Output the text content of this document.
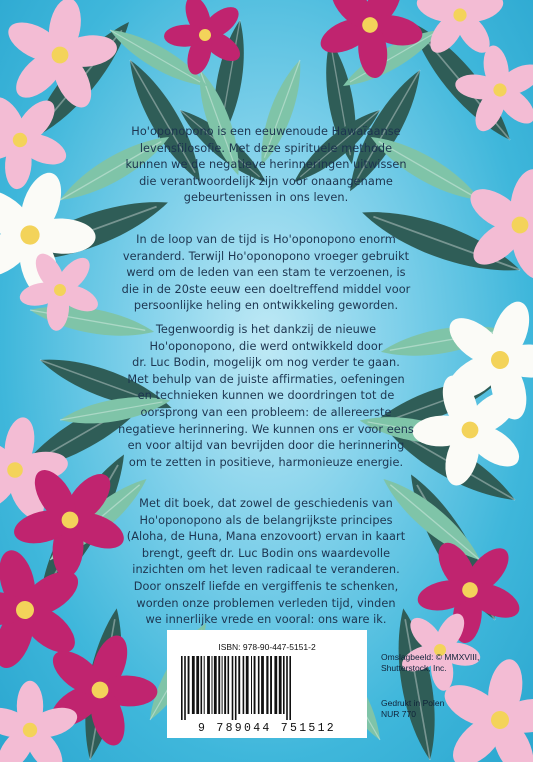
Ho'oponopono is een eeuwenoude Hawaïaanse
levensfilosofie. Met deze spirituele methode
kunnen we de negatieve herinneringen uitwissen
die verantwoordelijk zijn voor onaangename
gebeurtenissen in ons leven.
In de loop van de tijd is Ho'oponopono enorm
veranderd. Terwijl Ho'oponopono vroeger gebruikt
werd om de leden van een stam te verzoenen, is
die in de 20ste eeuw een doeltreffend middel voor
persoonlijke heling en ontwikkeling geworden.
Tegenwoordig is het dankzij de nieuwe
Ho'oponopono, die werd ontwikkeld door
dr. Luc Bodin, mogelijk om nog verder te gaan.
Met behulp van de juiste affirmaties, oefeningen
en technieken kunnen we doordringen tot de
oorsprong van een probleem: de allereerste
negatieve herinnering. We kunnen ons er voor eens
en voor altijd van bevrijden door die herinnering
om te zetten in positieve, harmonieuze energie.
Met dit boek, dat zowel de geschiedenis van
Ho'oponopono als de belangrijkste principes
(Aloha, de Huna, Mana enzovoort) ervan in kaart
brengt, geeft dr. Luc Bodin ons waardevolle
inzichten om het leven radicaal te veranderen.
Door onszelf liefde en vergiffenis te schenken,
worden onze problemen verleden tijd, vinden
we innerlijke vrede en vooral: ons ware ik.
ISBN: 978-90-447-5151-2
9 789044 751512
Omslagbeeld: © MMXVIII,
Shutterstock, Inc.
Gedrukt in Polen
NUR 770
